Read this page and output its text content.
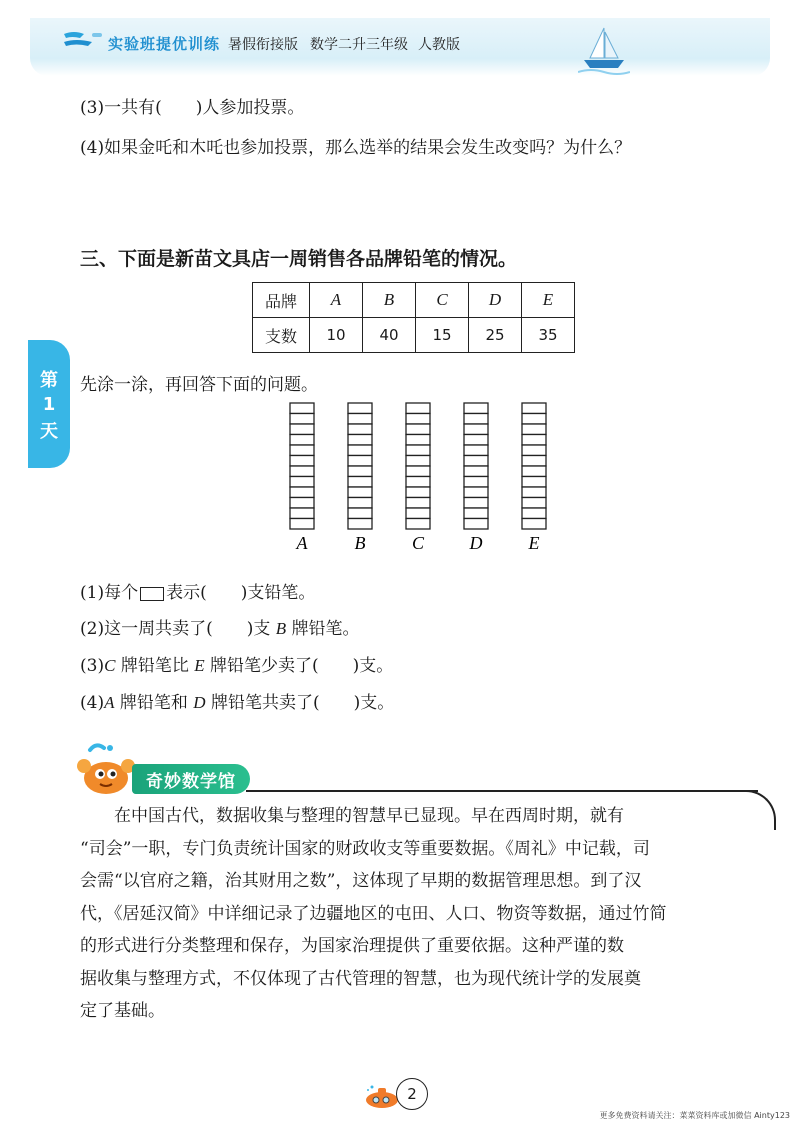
实验班提优训练 暑假衔接版 数学二升三年级 人教版
(3)一共有(　　)人参加投票。
(4)如果金吒和木吒也参加投票，那么选举的结果会发生改变吗？为什么？
三、下面是新苗文具店一周销售各品牌铅笔的情况。
品牌	A	B	C	D	E
支数	10	40	15	25	35
第
1
天
先涂一涂，再回答下面的问题。
A	B	C	D	E
(1)每个 表示(　　)支铅笔。
(2)这一周共卖了(　　)支 B 牌铅笔。
(3)C 牌铅笔比 E 牌铅笔少卖了(　　)支。
(4)A 牌铅笔和 D 牌铅笔共卖了(　　)支。
奇妙数学馆
　　在中国古代，数据收集与整理的智慧早已显现。早在西周时期，就有
“司会”一职，专门负责统计国家的财政收支等重要数据。《周礼》中记载，司
会需“以官府之籍，治其财用之数”，这体现了早期的数据管理思想。到了汉
代，《居延汉简》中详细记录了边疆地区的屯田、人口、物资等数据，通过竹简
的形式进行分类整理和保存，为国家治理提供了重要依据。这种严谨的数
据收集与整理方式，不仅体现了古代管理的智慧，也为现代统计学的发展奠
定了基础。
2
更多免费资料请关注：菜菜资料库或加微信 Ainty123
